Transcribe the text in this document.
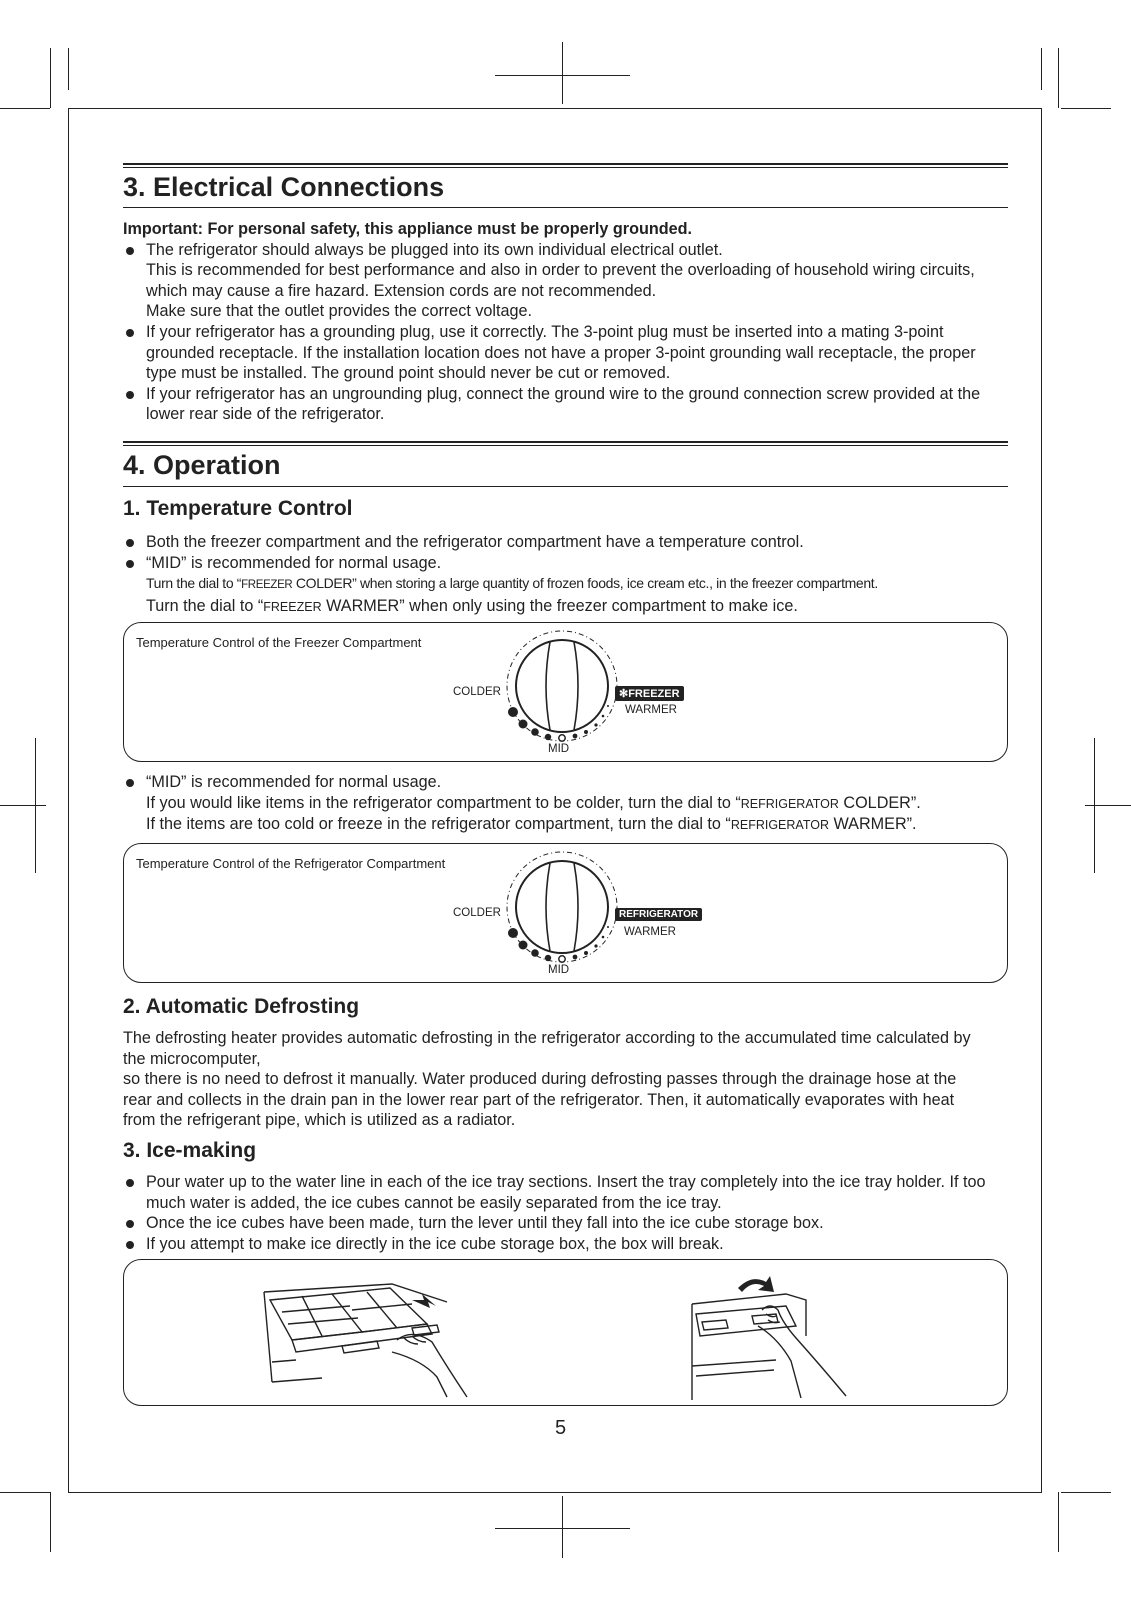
3. Electrical Connections
Important: For personal safety, this appliance must be properly grounded.
The refrigerator should always be plugged into its own individual electrical outlet.
This is recommended for best performance and also in order to prevent the overloading of household wiring circuits, which may cause a fire hazard. Extension cords are not recommended.
Make sure that the outlet provides the correct voltage.
If your refrigerator has a grounding plug, use it correctly. The 3-point plug must be inserted into a mating 3-point grounded receptacle. If the installation location does not have a proper 3-point grounding wall receptacle, the proper type must be installed. The ground point should never be cut or removed.
If your refrigerator has an ungrounding plug, connect the ground wire to the ground connection screw provided at the lower rear side of the refrigerator.
4. Operation
1. Temperature Control
Both the freezer compartment and the refrigerator compartment have a temperature control.
“MID” is recommended for normal usage.
Turn the dial to “FREEZER COLDER” when storing a large quantity of frozen foods, ice cream etc., in the freezer compartment.
Turn the dial to “FREEZER WARMER” when only using the freezer compartment to make ice.
Temperature Control of the Freezer Compartment
COLDER	✻FREEZER
WARMER
MID
“MID” is recommended for normal usage.
If you would like items in the refrigerator compartment to be colder, turn the dial to “REFRIGERATOR COLDER”.
If the items are too cold or freeze in the refrigerator compartment, turn the dial to “REFRIGERATOR WARMER”.
Temperature Control of the Refrigerator Compartment
COLDER	REFRIGERATOR
WARMER
MID
2. Automatic Defrosting
The defrosting heater provides automatic defrosting in the refrigerator according to the accumulated time calculated by the microcomputer,
so there is no need to defrost it manually. Water produced during defrosting passes through the drainage hose at the rear and collects in the drain pan in the lower rear part of the refrigerator. Then, it automatically evaporates with heat from the refrigerant pipe, which is utilized as a radiator.
3. Ice-making
Pour water up to the water line in each of the ice tray sections. Insert the tray completely into the ice tray holder. If too much water is added, the ice cubes cannot be easily separated from the ice tray.
Once the ice cubes have been made, turn the lever until they fall into the ice cube storage box.
If you attempt to make ice directly in the ice cube storage box, the box will break.
5
